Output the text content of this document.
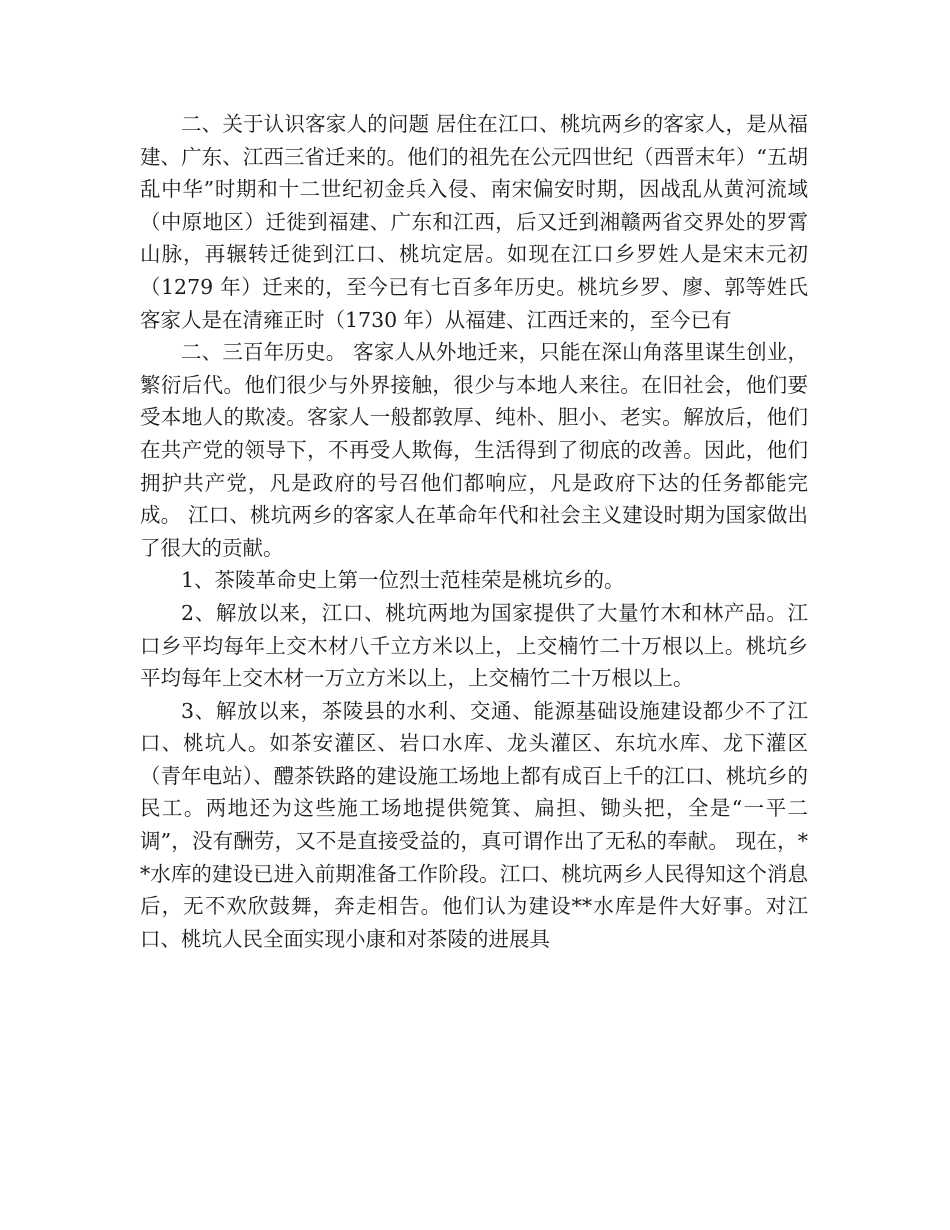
二、关于认识客家人的问题 居住在江口、桃坑两乡的客家人，是从福建、广东、江西三省迁来的。他们的祖先在公元四世纪（西晋末年）“五胡乱中华”时期和十二世纪初金兵入侵、南宋偏安时期，因战乱从黄河流域（中原地区）迁徙到福建、广东和江西，后又迁到湘赣两省交界处的罗霄山脉，再辗转迁徙到江口、桃坑定居。如现在江口乡罗姓人是宋末元初（1279 年）迁来的，至今已有七百多年历史。桃坑乡罗、廖、郭等姓氏客家人是在清雍正时（1730 年）从福建、江西迁来的，至今已有

二、三百年历史。 客家人从外地迁来，只能在深山角落里谋生创业，繁衍后代。他们很少与外界接触，很少与本地人来往。在旧社会，他们要受本地人的欺凌。客家人一般都敦厚、纯朴、胆小、老实。解放后，他们在共产党的领导下，不再受人欺侮，生活得到了彻底的改善。因此，他们拥护共产党，凡是政府的号召他们都响应，凡是政府下达的任务都能完成。 江口、桃坑两乡的客家人在革命年代和社会主义建设时期为国家做出了很大的贡献。

1、茶陵革命史上第一位烈士范桂荣是桃坑乡的。

2、解放以来，江口、桃坑两地为国家提供了大量竹木和林产品。江口乡平均每年上交木材八千立方米以上，上交楠竹二十万根以上。桃坑乡平均每年上交木材一万立方米以上，上交楠竹二十万根以上。

3、解放以来，茶陵县的水利、交通、能源基础设施建设都少不了江口、桃坑人。如茶安灌区、岩口水库、龙头灌区、东坑水库、龙下灌区（青年电站）、醴茶铁路的建设施工场地上都有成百上千的江口、桃坑乡的民工。两地还为这些施工场地提供箢箕、扁担、锄头把，全是“一平二调”，没有酬劳，又不是直接受益的，真可谓作出了无私的奉献。 现在，**水库的建设已进入前期准备工作阶段。江口、桃坑两乡人民得知这个消息后，无不欢欣鼓舞，奔走相告。他们认为建设**水库是件大好事。对江口、桃坑人民全面实现小康和对茶陵的进展具
